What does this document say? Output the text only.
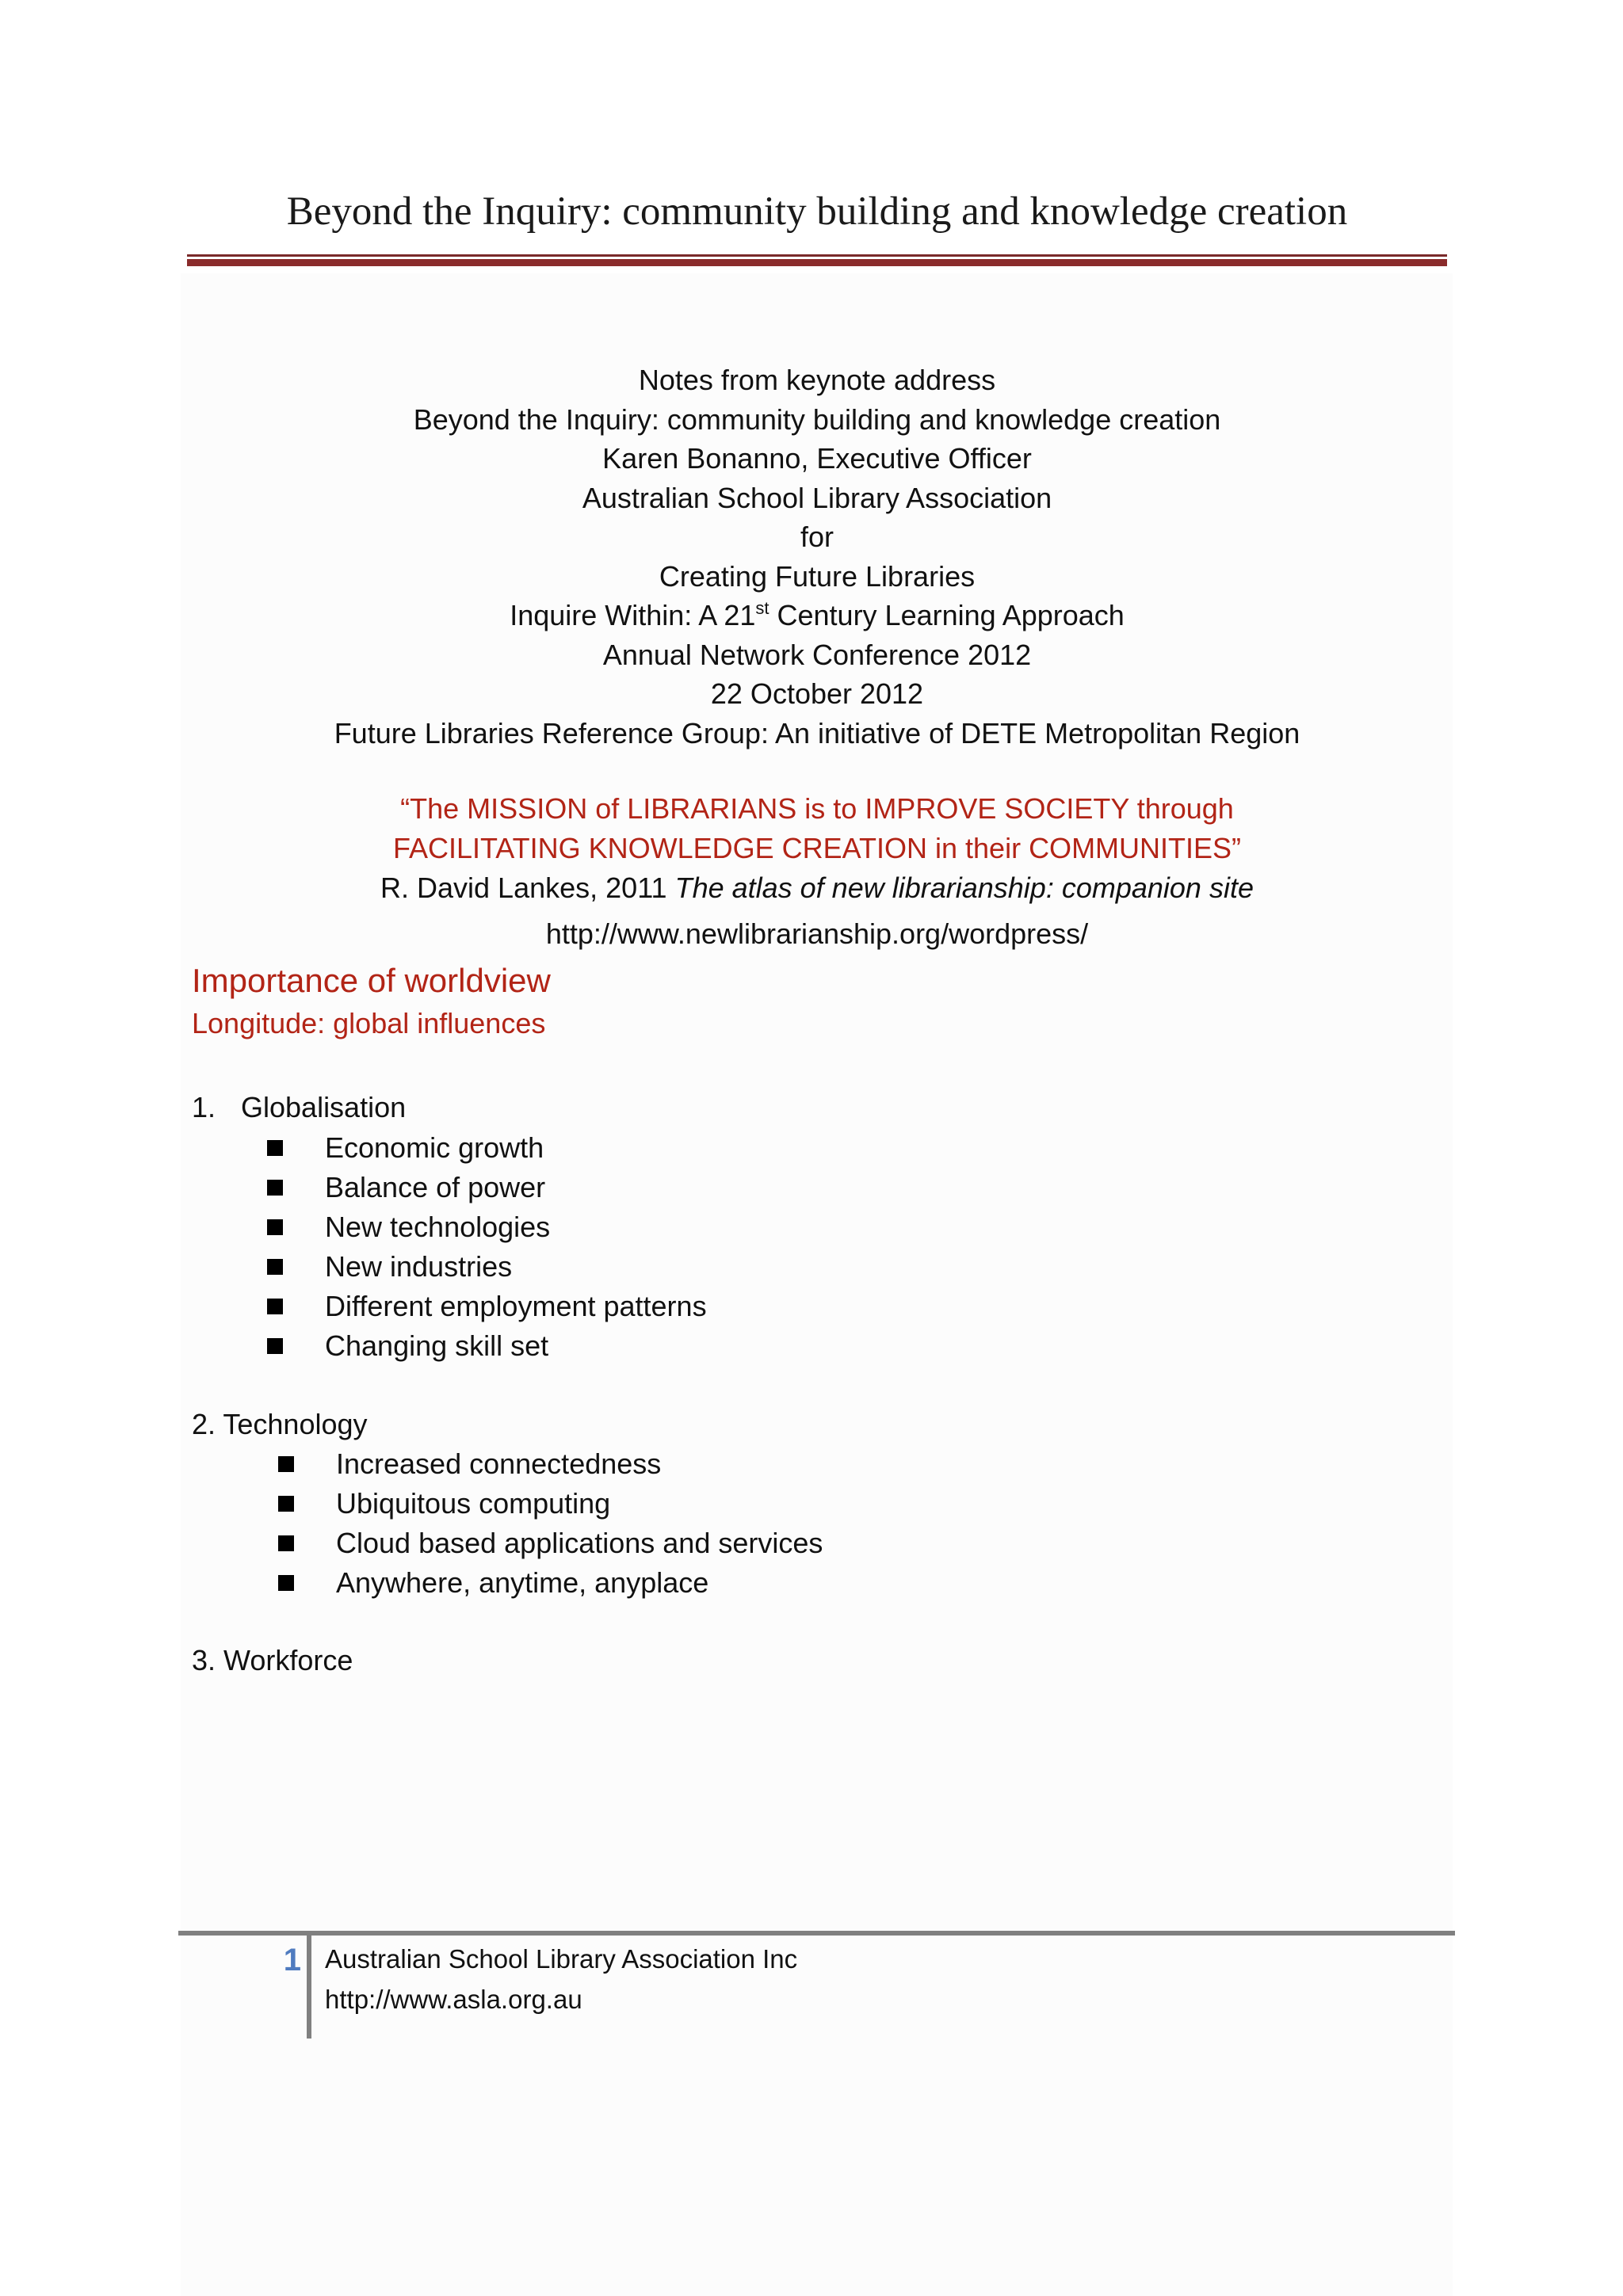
Beyond the Inquiry: community building and knowledge creation
Notes from keynote address
Beyond the Inquiry: community building and knowledge creation
Karen Bonanno, Executive Officer
Australian School Library Association
for
Creating Future Libraries
Inquire Within: A 21st Century Learning Approach
Annual Network Conference 2012
22 October 2012
Future Libraries Reference Group: An initiative of DETE Metropolitan Region
“The MISSION of LIBRARIANS is to IMPROVE SOCIETY through
FACILITATING KNOWLEDGE CREATION in their COMMUNITIES”
R. David Lankes, 2011 The atlas of new librarianship: companion site
http://www.newlibrarianship.org/wordpress/
Importance of worldview
Longitude: global influences
1. Globalisation
Economic growth
Balance of power
New technologies
New industries
Different employment patterns
Changing skill set
2. Technology
Increased connectedness
Ubiquitous computing
Cloud based applications and services
Anywhere, anytime, anyplace
3. Workforce
1 Australian School Library Association Inc
http://www.asla.org.au
